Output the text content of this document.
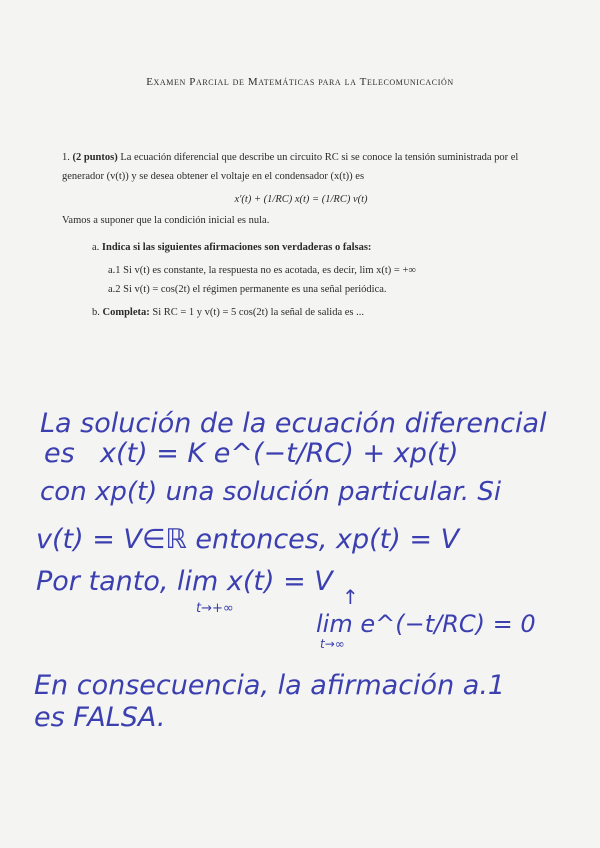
Examen Parcial de Matemáticas para la Telecomunicación
1. (2 puntos) La ecuación diferencial que describe un circuito RC si se conoce la tensión suministrada por el generador (v(t)) y se desea obtener el voltaje en el condensador (x(t)) es
x′(t) + (1/RC) x(t) = (1/RC) v(t)
Vamos a suponer que la condición inicial es nula.
a. Indica si las siguientes afirmaciones son verdaderas o falsas:
a.1 Si v(t) es constante, la respuesta no es acotada, es decir, lim x(t) = +∞
a.2 Si v(t) = cos(2t) el régimen permanente es una señal periódica.
b. Completa: Si RC = 1 y v(t) = 5 cos(2t) la señal de salida es ...
La solución de la ecuación diferencial
es x(t) = K e^(−t/RC) + xp(t)
con xp(t) una solución particular. Si
v(t) = V∈ℝ entonces, xp(t) = V
Por tanto, lim x(t) = V
t→+∞	↑
lim e^(−t/RC) = 0
t→∞
En consecuencia, la afirmación a.1
es FALSA.
